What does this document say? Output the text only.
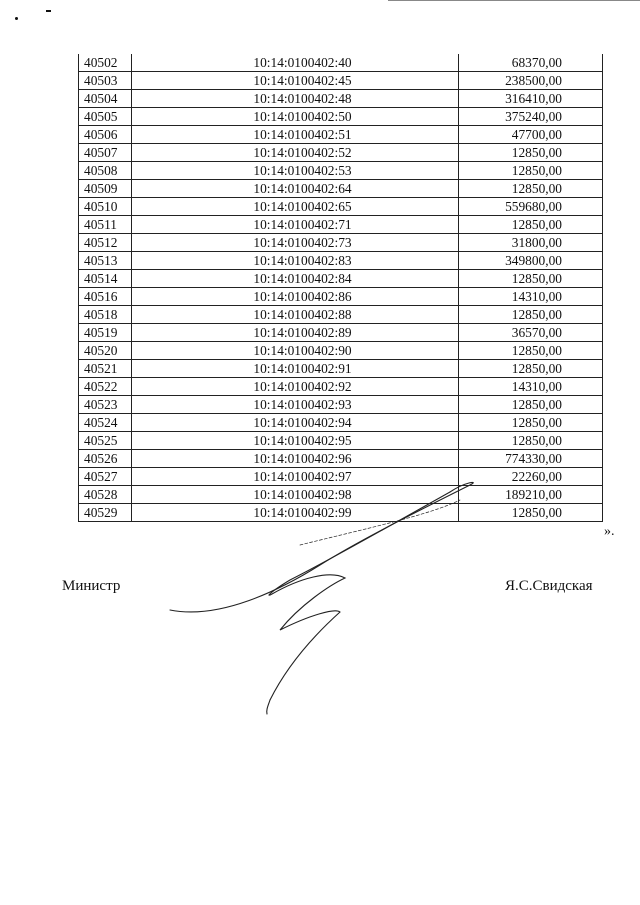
40502	10:14:0100402:40	68370,00
40503	10:14:0100402:45	238500,00
40504	10:14:0100402:48	316410,00
40505	10:14:0100402:50	375240,00
40506	10:14:0100402:51	47700,00
40507	10:14:0100402:52	12850,00
40508	10:14:0100402:53	12850,00
40509	10:14:0100402:64	12850,00
40510	10:14:0100402:65	559680,00
40511	10:14:0100402:71	12850,00
40512	10:14:0100402:73	31800,00
40513	10:14:0100402:83	349800,00
40514	10:14:0100402:84	12850,00
40516	10:14:0100402:86	14310,00
40518	10:14:0100402:88	12850,00
40519	10:14:0100402:89	36570,00
40520	10:14:0100402:90	12850,00
40521	10:14:0100402:91	12850,00
40522	10:14:0100402:92	14310,00
40523	10:14:0100402:93	12850,00
40524	10:14:0100402:94	12850,00
40525	10:14:0100402:95	12850,00
40526	10:14:0100402:96	774330,00
40527	10:14:0100402:97	22260,00
40528	10:14:0100402:98	189210,00
40529	10:14:0100402:99	12850,00
».
Министр	Я.С.Свидская
